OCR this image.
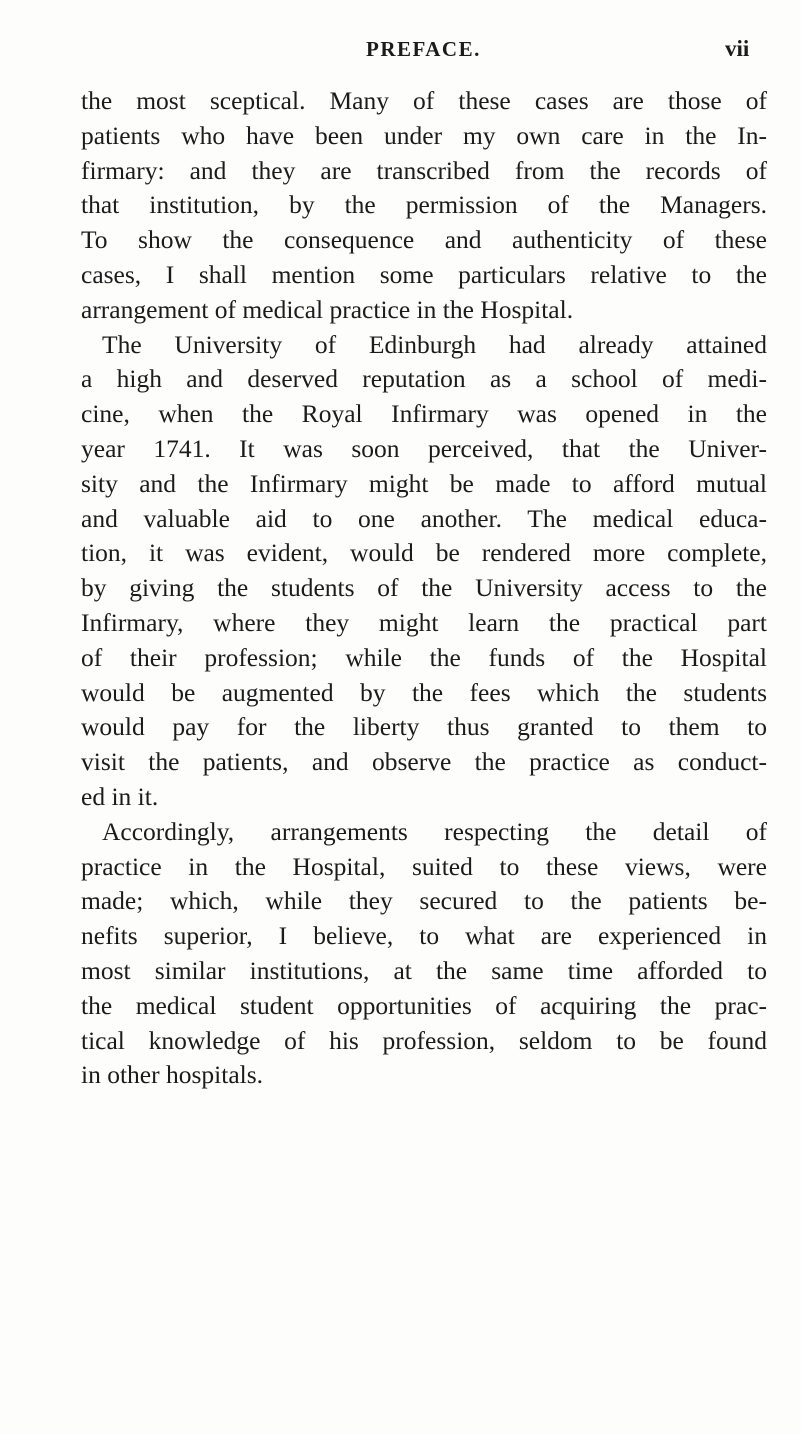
PREFACE.	vii
the most sceptical. Many of these cases are those of
patients who have been under my own care in the In-
firmary: and they are transcribed from the records of
that institution, by the permission of the Managers.
To show the consequence and authenticity of these
cases, I shall mention some particulars relative to the
arrangement of medical practice in the Hospital.
The University of Edinburgh had already attained
a high and deserved reputation as a school of medi-
cine, when the Royal Infirmary was opened in the
year 1741. It was soon perceived, that the Univer-
sity and the Infirmary might be made to afford mutual
and valuable aid to one another. The medical educa-
tion, it was evident, would be rendered more complete,
by giving the students of the University access to the
Infirmary, where they might learn the practical part
of their profession; while the funds of the Hospital
would be augmented by the fees which the students
would pay for the liberty thus granted to them to
visit the patients, and observe the practice as conduct-
ed in it.
Accordingly, arrangements respecting the detail of
practice in the Hospital, suited to these views, were
made; which, while they secured to the patients be-
nefits superior, I believe, to what are experienced in
most similar institutions, at the same time afforded to
the medical student opportunities of acquiring the prac-
tical knowledge of his profession, seldom to be found
in other hospitals.
